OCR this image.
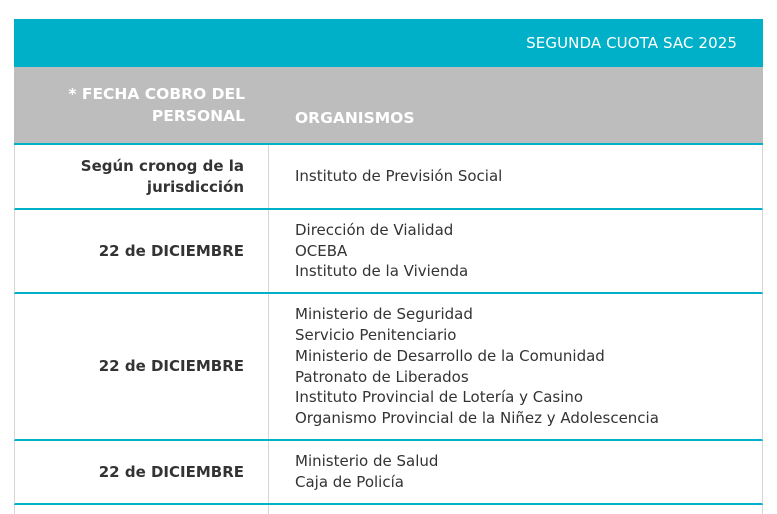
SEGUNDA CUOTA SAC 2025
* FECHA COBRO DEL PERSONAL	ORGANISMOS
Según cronog de la jurisdicción
Instituto de Previsión Social
22 de DICIEMBRE
Dirección de Vialidad
OCEBA
Instituto de la Vivienda
22 de DICIEMBRE
Ministerio de Seguridad
Servicio Penitenciario
Ministerio de Desarrollo de la Comunidad
Patronato de Liberados
Instituto Provincial de Lotería y Casino
Organismo Provincial de la Niñez y Adolescencia
22 de DICIEMBRE
Ministerio de Salud
Caja de Policía
